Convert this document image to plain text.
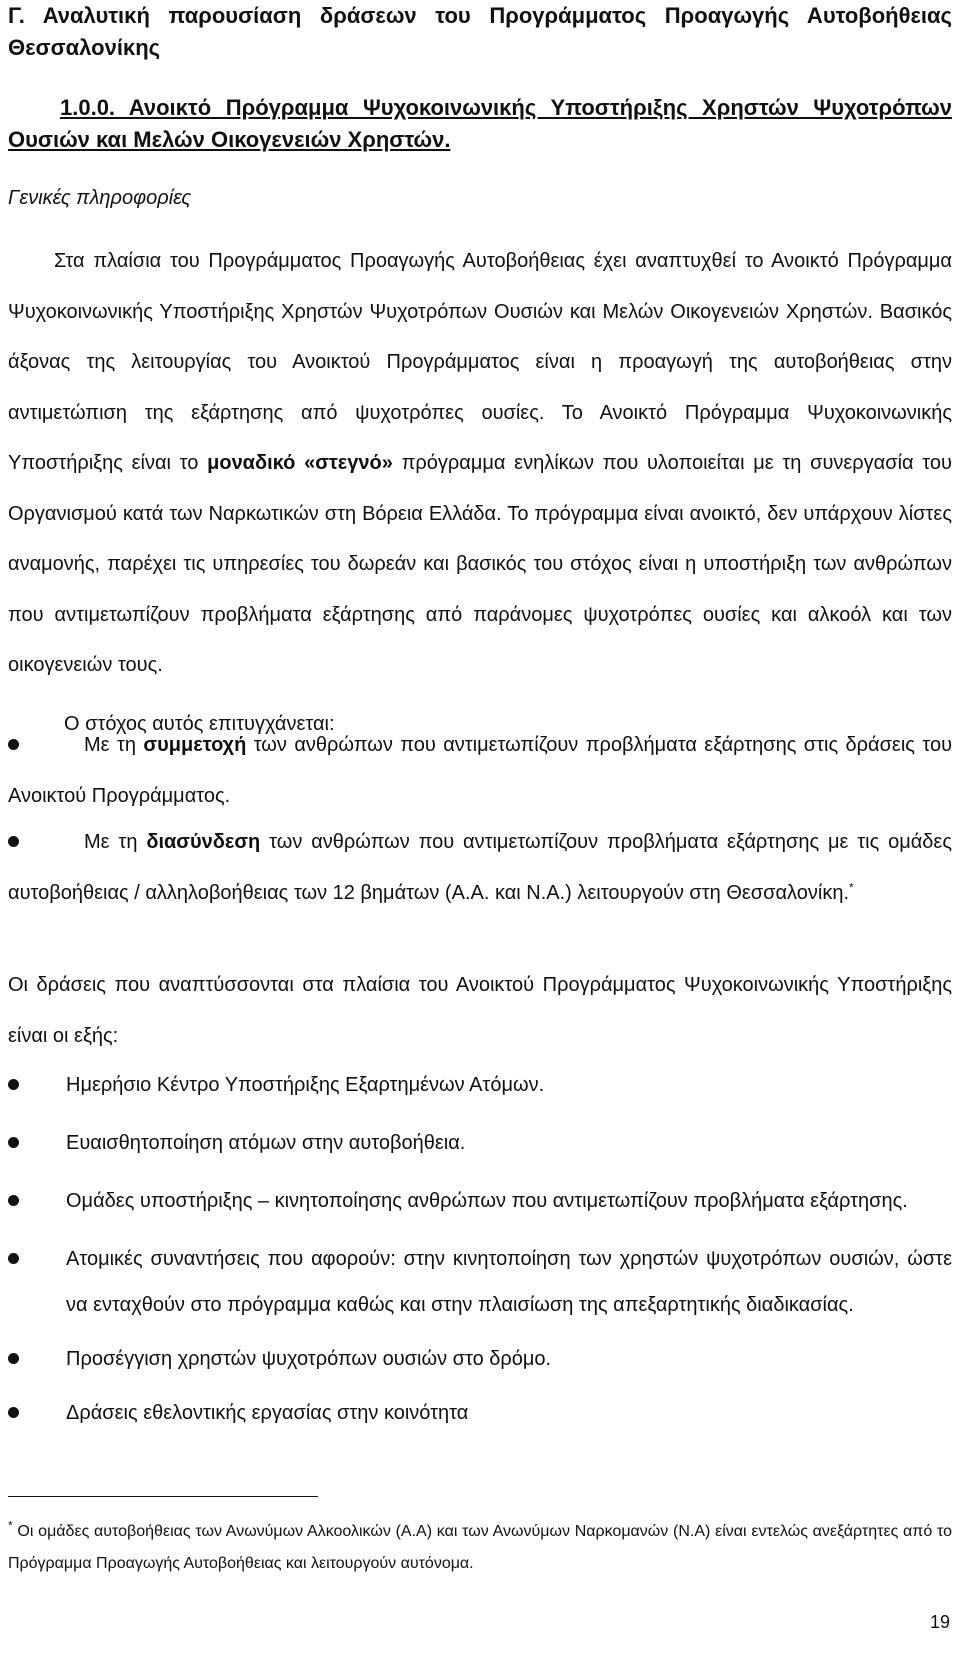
Γ. Αναλυτική παρουσίαση δράσεων του Προγράμματος Προαγωγής Αυτοβοήθειας Θεσσαλονίκης
1.0.0. Ανοικτό Πρόγραμμα Ψυχοκοινωνικής Υποστήριξης Χρηστών Ψυχοτρόπων Ουσιών και Μελών Οικογενειών Χρηστών.
Γενικές πληροφορίες
Στα πλαίσια του Προγράμματος Προαγωγής Αυτοβοήθειας έχει αναπτυχθεί το Ανοικτό Πρόγραμμα Ψυχοκοινωνικής Υποστήριξης Χρηστών Ψυχοτρόπων Ουσιών και Μελών Οικογενειών Χρηστών. Βασικός άξονας της λειτουργίας του Ανοικτού Προγράμματος είναι η προαγωγή της αυτοβοήθειας στην αντιμετώπιση της εξάρτησης από ψυχοτρόπες ουσίες. Το Ανοικτό Πρόγραμμα Ψυχοκοινωνικής Υποστήριξης είναι το μοναδικό «στεγνό» πρόγραμμα ενηλίκων που υλοποιείται με τη συνεργασία του Οργανισμού κατά των Ναρκωτικών στη Βόρεια Ελλάδα. Το πρόγραμμα είναι ανοικτό, δεν υπάρχουν λίστες αναμονής, παρέχει τις υπηρεσίες του δωρεάν και βασικός του στόχος είναι η υποστήριξη των ανθρώπων που αντιμετωπίζουν προβλήματα εξάρτησης από παράνομες ψυχοτρόπες ουσίες και αλκοόλ και των οικογενειών τους.
Ο στόχος αυτός επιτυγχάνεται:
Με τη συμμετοχή των ανθρώπων που αντιμετωπίζουν προβλήματα εξάρτησης στις δράσεις του Ανοικτού Προγράμματος.
Με τη διασύνδεση των ανθρώπων που αντιμετωπίζουν προβλήματα εξάρτησης με τις ομάδες αυτοβοήθειας / αλληλοβοήθειας των 12 βημάτων (Α.Α. και Ν.Α.) λειτουργούν στη Θεσσαλονίκη.*
Οι δράσεις που αναπτύσσονται στα πλαίσια του Ανοικτού Προγράμματος Ψυχοκοινωνικής Υποστήριξης είναι οι εξής:
Ημερήσιο Κέντρο Υποστήριξης Εξαρτημένων Ατόμων.
Ευαισθητοποίηση ατόμων στην αυτοβοήθεια.
Ομάδες υποστήριξης – κινητοποίησης ανθρώπων που αντιμετωπίζουν προβλήματα εξάρτησης.
Ατομικές συναντήσεις που αφορούν: στην κινητοποίηση των χρηστών ψυχοτρόπων ουσιών, ώστε να ενταχθούν στο πρόγραμμα καθώς και στην πλαισίωση της απεξαρτητικής διαδικασίας.
Προσέγγιση χρηστών ψυχοτρόπων ουσιών στο δρόμο.
Δράσεις εθελοντικής εργασίας στην κοινότητα
* Οι ομάδες αυτοβοήθειας των Ανωνύμων Αλκοολικών (Α.Α) και των Ανωνύμων Ναρκομανών (Ν.Α) είναι εντελώς ανεξάρτητες από το Πρόγραμμα Προαγωγής Αυτοβοήθειας και λειτουργούν αυτόνομα.
19
